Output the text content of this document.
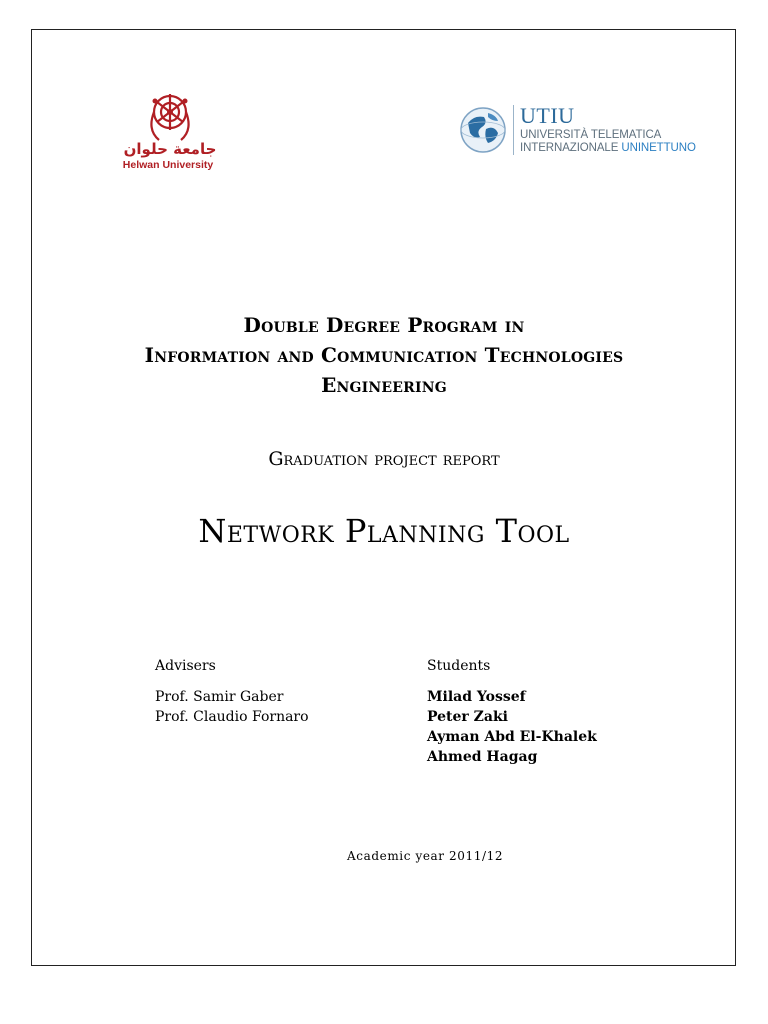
جامعة حلوان
Helwan University
UTIU
UNIVERSITÀ TELEMATICA
INTERNAZIONALE UNINETTUNO
Double Degree Program in
Information and Communication Technologies
Engineering
Graduation project report
Network Planning Tool
Advisers
Prof. Samir Gaber
Prof. Claudio Fornaro
Students
Milad Yossef
Peter Zaki
Ayman Abd El-Khalek
Ahmed Hagag
Academic year 2011/12
